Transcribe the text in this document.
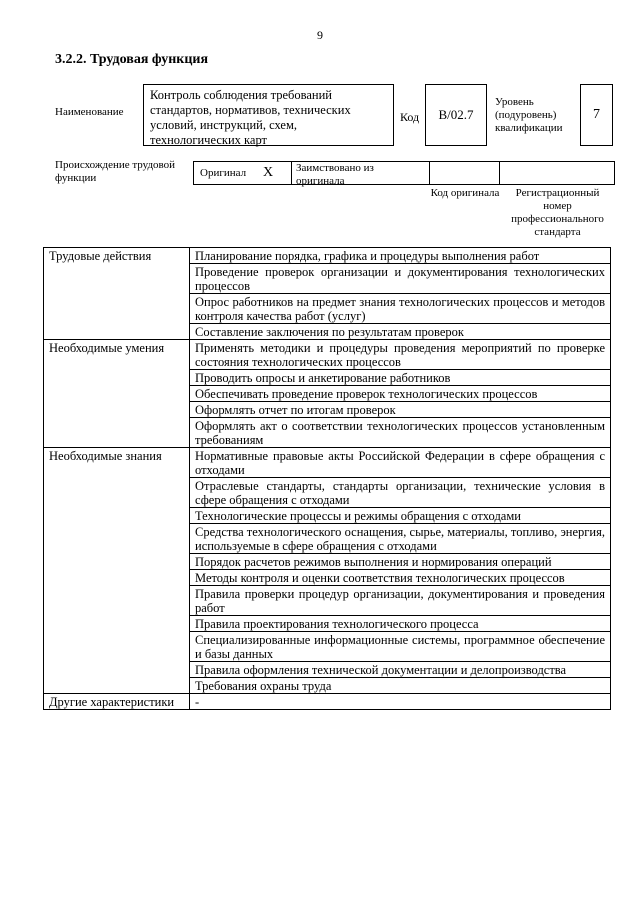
9
3.2.2. Трудовая функция
Наименование
Контроль соблюдения требований стандартов, нормативов, технических условий, инструкций, схем, технологических карт
Код	В/02.7
Уровень (подуровень) квалификации
7
Происхождение трудовой функции	Оригинал Х	Заимствовано из оригинала
Код оригинала	Регистрационный номер профессионального стандарта
Трудовые действия	Планирование порядка, графика и процедуры выполнения работ
	Проведение проверок организации и документирования технологических процессов
	Опрос работников на предмет знания технологических процессов и методов контроля качества работ (услуг)
	Составление заключения по результатам проверок
Необходимые умения	Применять методики и процедуры проведения мероприятий по проверке состояния технологических процессов
	Проводить опросы и анкетирование работников
	Обеспечивать проведение проверок технологических процессов
	Оформлять отчет по итогам проверок
	Оформлять акт о соответствии технологических процессов установленным требованиям
Необходимые знания	Нормативные правовые акты Российской Федерации в сфере обращения с отходами
	Отраслевые стандарты, стандарты организации, технические условия в сфере обращения с отходами
	Технологические процессы и режимы обращения с отходами
	Средства технологического оснащения, сырье, материалы, топливо, энергия, используемые в сфере обращения с отходами
	Порядок расчетов режимов выполнения и нормирования операций
	Методы контроля и оценки соответствия технологических процессов
	Правила проверки процедур организации, документирования и проведения работ
	Правила проектирования технологического процесса
	Специализированные информационные системы, программное обеспечение и базы данных
	Правила оформления технической документации и делопроизводства
	Требования охраны труда
Другие характеристики	-
